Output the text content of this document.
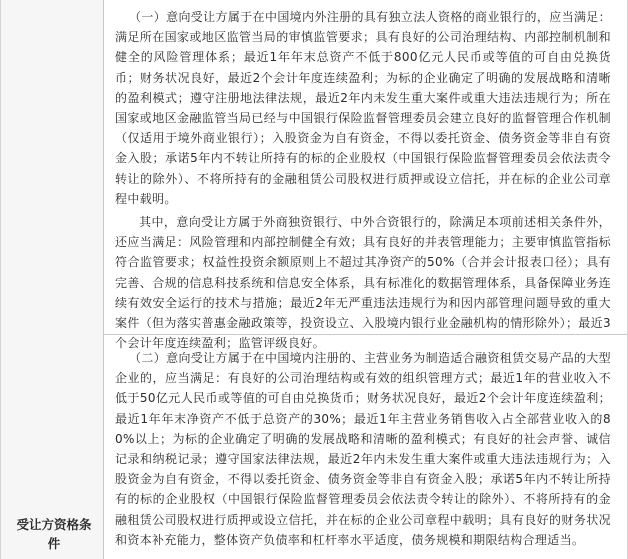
受让方资格条件

（一）意向受让方属于在中国境内外注册的具有独立法人资格的商业银行的，应当满足：满足所在国家或地区监管当局的审慎监管要求；具有良好的公司治理结构、内部控制机制和健全的风险管理体系；最近1年年末总资产不低于800亿元人民币或等值的可自由兑换货币；财务状况良好，最近2个会计年度连续盈利；为标的企业确定了明确的发展战略和清晰的盈利模式；遵守注册地法律法规，最近2年内未发生重大案件或重大违法违规行为；所在国家或地区金融监管当局已经与中国银行保险监督管理委员会建立良好的监督管理合作机制（仅适用于境外商业银行）；入股资金为自有资金，不得以委托资金、债务资金等非自有资金入股；承诺5年内不转让所持有的标的企业股权（中国银行保险监督管理委员会依法责令转让的除外）、不将所持有的金融租赁公司股权进行质押或设立信托，并在标的企业公司章程中载明。

其中，意向受让方属于外商独资银行、中外合资银行的，除满足本项前述相关条件外，还应当满足：风险管理和内部控制健全有效；具有良好的并表管理能力；主要审慎监管指标符合监管要求；权益性投资余额原则上不超过其净资产的50%（合并会计报表口径）；具有完善、合规的信息科技系统和信息安全体系，具有标准化的数据管理体系，具备保障业务连续有效安全运行的技术与措施；最近2年无严重违法违规行为和因内部管理问题导致的重大案件（但为落实普惠金融政策等，投资设立、入股境内银行业金融机构的情形除外）；最近3个会计年度连续盈利；监管评级良好。

（二）意向受让方属于在中国境内注册的、主营业务为制造适合融资租赁交易产品的大型企业的，应当满足：有良好的公司治理结构或有效的组织管理方式；最近1年的营业收入不低于50亿元人民币或等值的可自由兑换货币；财务状况良好，最近2个会计年度连续盈利；最近1年年末净资产不低于总资产的30%；最近1年主营业务销售收入占全部营业收入的80%以上；为标的企业确定了明确的发展战略和清晰的盈利模式；有良好的社会声誉、诚信记录和纳税记录；遵守国家法律法规，最近2年内未发生重大案件或重大违法违规行为；入股资金为自有资金，不得以委托资金、债务资金等非自有资金入股；承诺5年内不转让所持有的标的企业股权（中国银行保险监督管理委员会依法责令转让的除外）、不将所持有的金融租赁公司股权进行质押或设立信托，并在标的企业公司章程中载明；具有良好的财务状况和资本补充能力，整体资产负债率和杠杆率水平适度，债务规模和期限结构合理适当。
